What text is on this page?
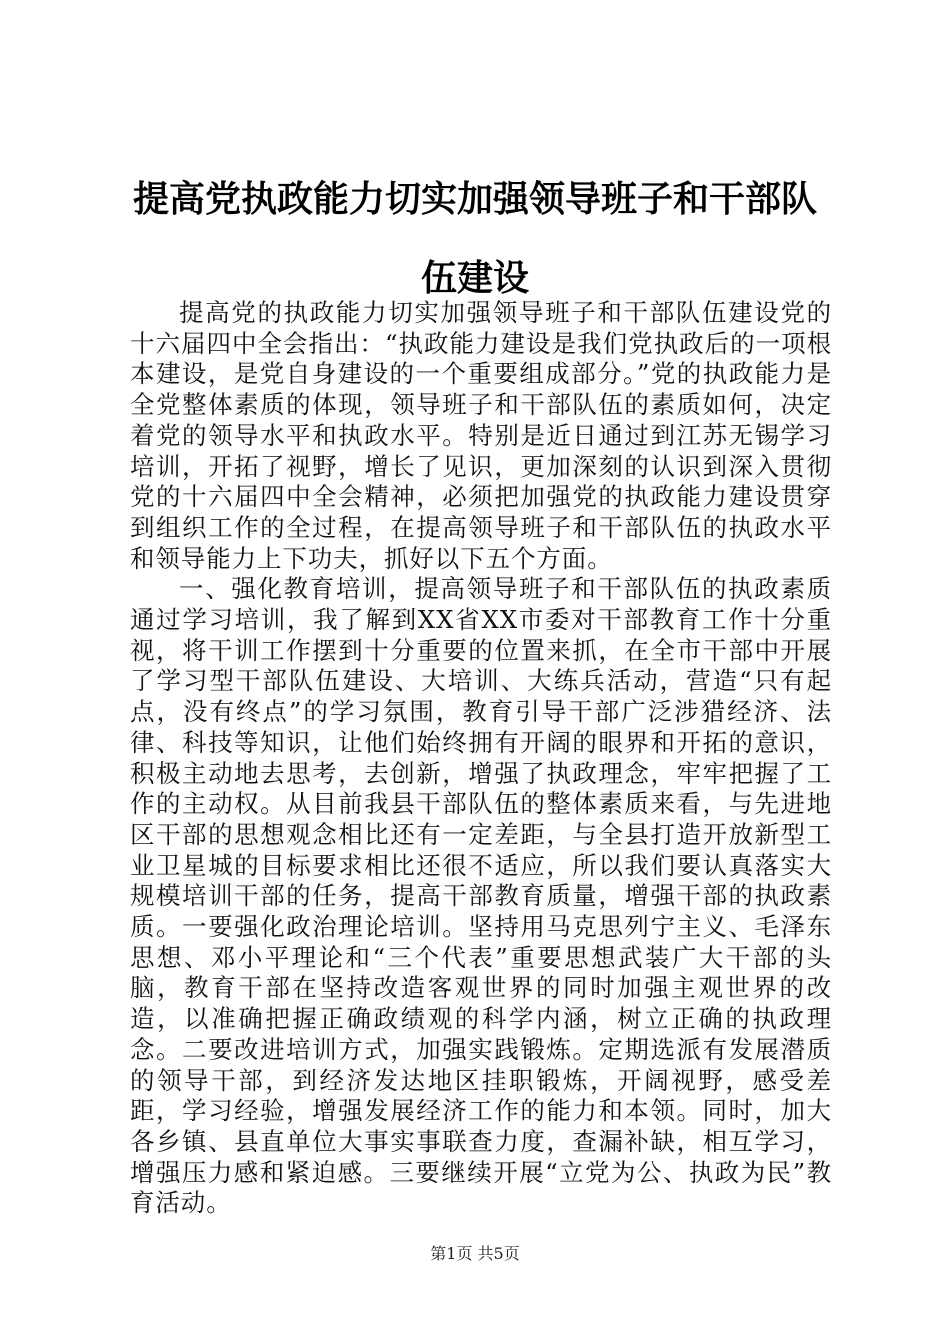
提高党执政能力切实加强领导班子和干部队伍建设

提高党的执政能力切实加强领导班子和干部队伍建设党的十六届四中全会指出：“执政能力建设是我们党执政后的一项根本建设，是党自身建设的一个重要组成部分。”党的执政能力是全党整体素质的体现，领导班子和干部队伍的素质如何，决定着党的领导水平和执政水平。特别是近日通过到江苏无锡学习培训，开拓了视野，增长了见识，更加深刻的认识到深入贯彻党的十六届四中全会精神，必须把加强党的执政能力建设贯穿到组织工作的全过程，在提高领导班子和干部队伍的执政水平和领导能力上下功夫，抓好以下五个方面。

一、强化教育培训，提高领导班子和干部队伍的执政素质通过学习培训，我了解到XX省XX市委对干部教育工作十分重视，将干训工作摆到十分重要的位置来抓，在全市干部中开展了学习型干部队伍建设、大培训、大练兵活动，营造“只有起点，没有终点”的学习氛围，教育引导干部广泛涉猎经济、法律、科技等知识，让他们始终拥有开阔的眼界和开拓的意识，积极主动地去思考，去创新，增强了执政理念，牢牢把握了工作的主动权。从目前我县干部队伍的整体素质来看，与先进地区干部的思想观念相比还有一定差距，与全县打造开放新型工业卫星城的目标要求相比还很不适应，所以我们要认真落实大规模培训干部的任务，提高干部教育质量，增强干部的执政素质。一要强化政治理论培训。坚持用马克思列宁主义、毛泽东思想、邓小平理论和“三个代表”重要思想武装广大干部的头脑，教育干部在坚持改造客观世界的同时加强主观世界的改造，以准确把握正确政绩观的科学内涵，树立正确的执政理念。二要改进培训方式，加强实践锻炼。定期选派有发展潜质的领导干部，到经济发达地区挂职锻炼，开阔视野，感受差距，学习经验，增强发展经济工作的能力和本领。同时，加大各乡镇、县直单位大事实事联查力度，查漏补缺，相互学习，增强压力感和紧迫感。三要继续开展“立党为公、执政为民”教育活动。

第1页 共5页
